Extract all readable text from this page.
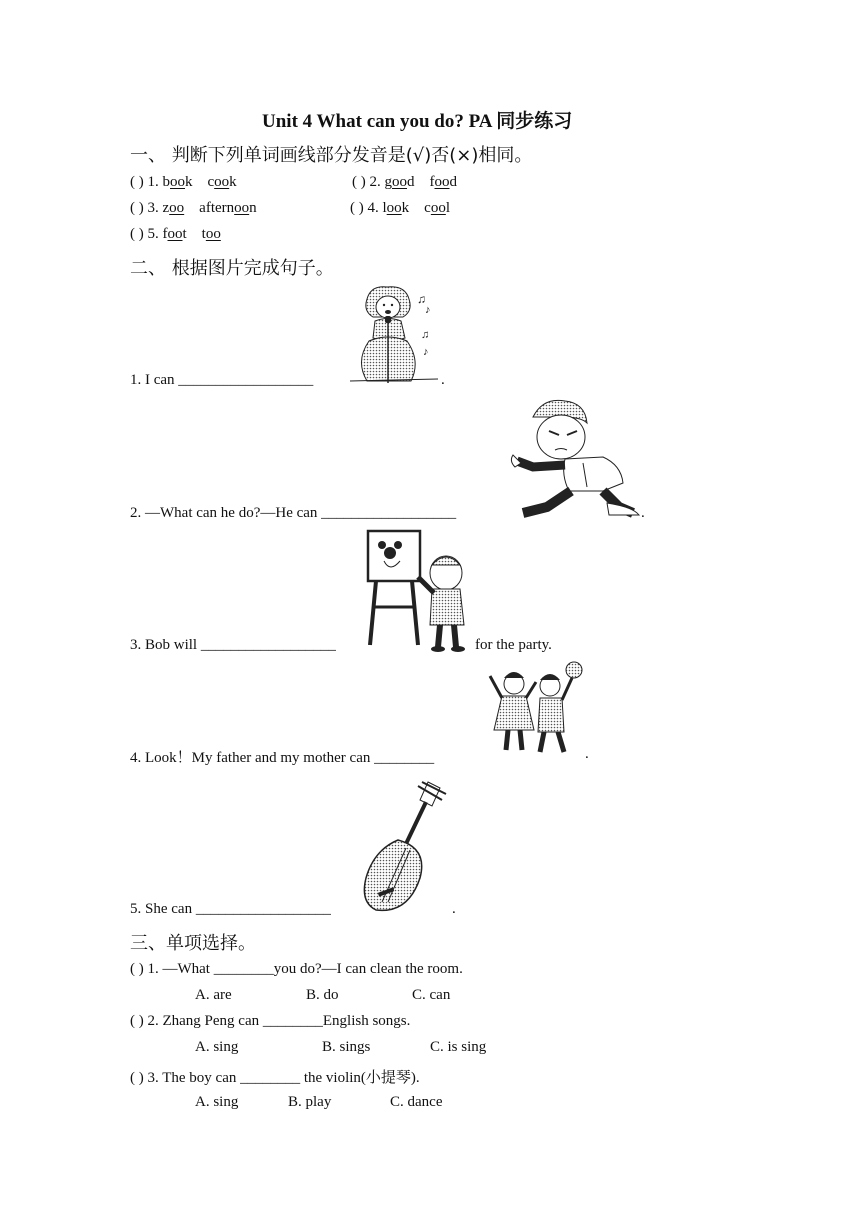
Unit 4 What can you do? PA 同步练习
一、 判断下列单词画线部分发音是(√)否(×)相同。
( ) 1. book cook	( ) 2. good food
( ) 3. zoo afternoon	( ) 4. look cool
( ) 5. foot too
二、 根据图片完成句子。
♫
♪
♫
♪
1. I can __________________	.
2. —What can he do?—He can __________________	.
3. Bob will __________________	for the party.
4. Look！My father and my mother can ________	.
5. She can __________________	.
三、单项选择。
( ) 1. —What ________you do?—I can clean the room.
A. are	B. do	C. can
( ) 2. Zhang Peng can ________English songs.
A. sing	B. sings	C. is sing
( ) 3. The boy can ________ the violin(小提琴).
A. sing	B. play	C. dance
